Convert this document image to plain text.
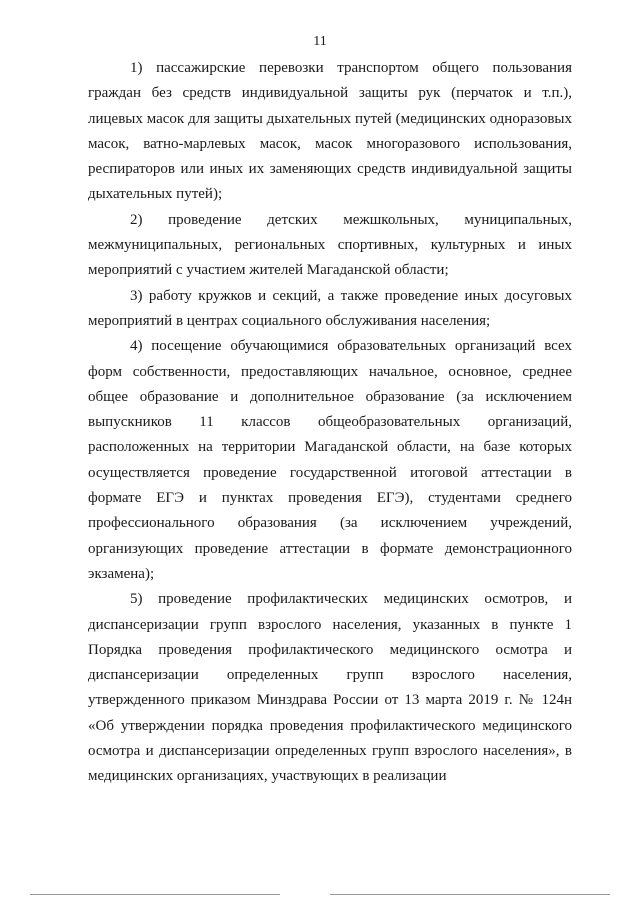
11

1) пассажирские перевозки транспортом общего пользования граждан без средств индивидуальной защиты рук (перчаток и т.п.), лицевых масок для защиты дыхательных путей (медицинских одноразовых масок, ватно-марлевых масок, масок многоразового использования, респираторов или иных их заменяющих средств индивидуальной защиты дыхательных путей);

2) проведение детских межшкольных, муниципальных, межмуниципальных, региональных спортивных, культурных и иных мероприятий с участием жителей Магаданской области;

3) работу кружков и секций, а также проведение иных досуговых мероприятий в центрах социального обслуживания населения;

4) посещение обучающимися образовательных организаций всех форм собственности, предоставляющих начальное, основное, среднее общее образование и дополнительное образование (за исключением выпускников 11 классов общеобразовательных организаций, расположенных на территории Магаданской области, на базе которых осуществляется проведение государственной итоговой аттестации в формате ЕГЭ и пунктах проведения ЕГЭ), студентами среднего профессионального образования (за исключением учреждений, организующих проведение аттестации в формате демонстрационного экзамена);

5) проведение профилактических медицинских осмотров, и диспансеризации групп взрослого населения, указанных в пункте 1 Порядка проведения профилактического медицинского осмотра и диспансеризации определенных групп взрослого населения, утвержденного приказом Минздрава России от 13 марта 2019 г. № 124н «Об утверждении порядка проведения профилактического медицинского осмотра и диспансеризации определенных групп взрослого населения», в медицинских организациях, участвующих в реализации
